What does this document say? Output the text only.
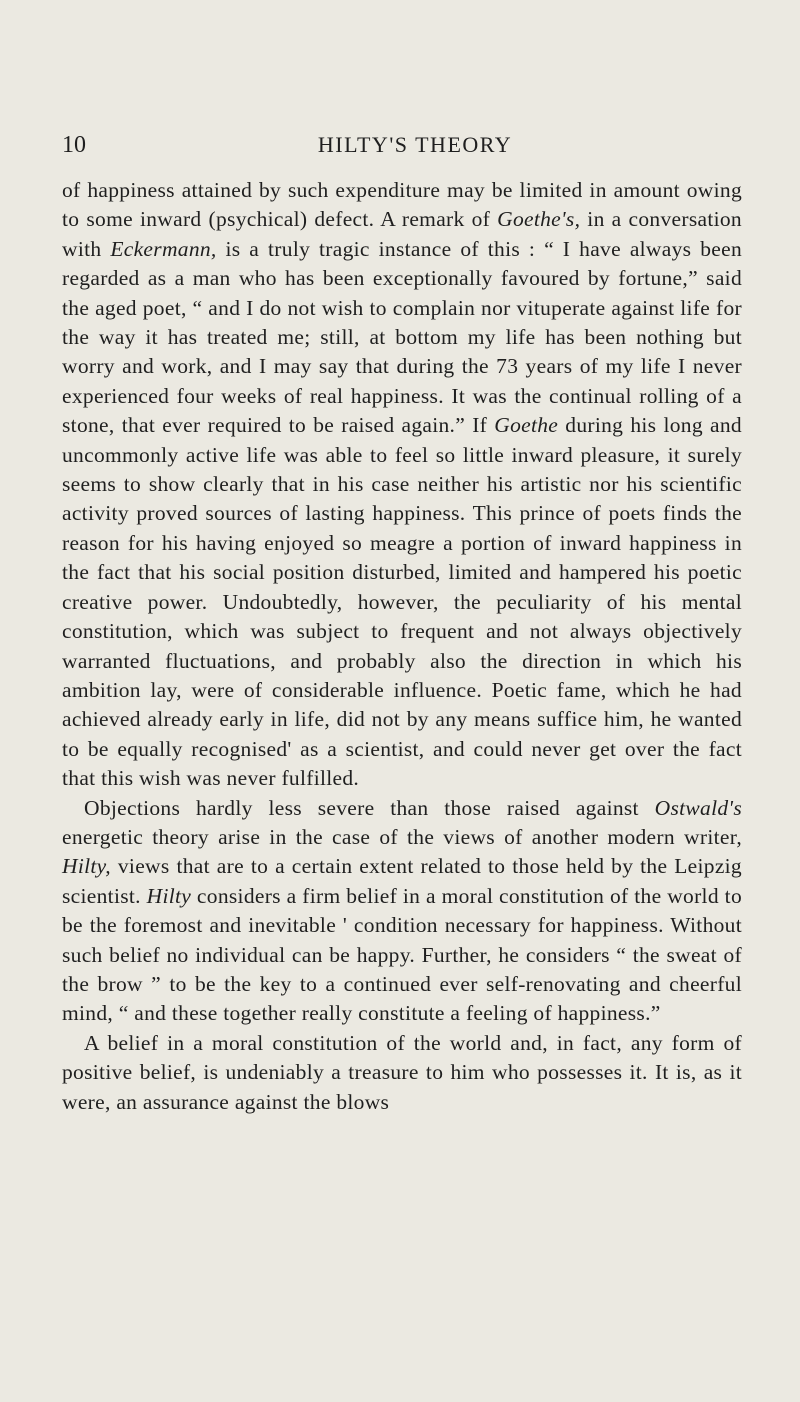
10	HILTY'S THEORY

of happiness attained by such expenditure may be limited in amount owing to some inward (psychical) defect. A remark of Goethe's, in a conversation with Eckermann, is a truly tragic instance of this : “ I have always been regarded as a man who has been exceptionally favoured by fortune,” said the aged poet, “ and I do not wish to complain nor vituperate against life for the way it has treated me; still, at bottom my life has been nothing but worry and work, and I may say that during the 73 years of my life I never experienced four weeks of real happiness. It was the continual rolling of a stone, that ever required to be raised again.” If Goethe during his long and uncommonly active life was able to feel so little inward pleasure, it surely seems to show clearly that in his case neither his artistic nor his scientific activity proved sources of lasting happiness. This prince of poets finds the reason for his having enjoyed so meagre a portion of inward happiness in the fact that his social position disturbed, limited and hampered his poetic creative power. Undoubtedly, however, the peculiarity of his mental constitution, which was subject to frequent and not always objectively warranted fluctuations, and probably also the direction in which his ambition lay, were of considerable influence. Poetic fame, which he had achieved already early in life, did not by any means suffice him, he wanted to be equally recognised' as a scientist, and could never get over the fact that this wish was never fulfilled.

Objections hardly less severe than those raised against Ostwald's energetic theory arise in the case of the views of another modern writer, Hilty, views that are to a certain extent related to those held by the Leipzig scientist. Hilty considers a firm belief in a moral constitution of the world to be the foremost and inevitable ' condition necessary for happiness. Without such belief no individual can be happy. Further, he considers “ the sweat of the brow ” to be the key to a continued ever self-renovating and cheerful mind, “ and these together really constitute a feeling of happiness.”

A belief in a moral constitution of the world and, in fact, any form of positive belief, is undeniably a treasure to him who possesses it. It is, as it were, an assurance against the blows
